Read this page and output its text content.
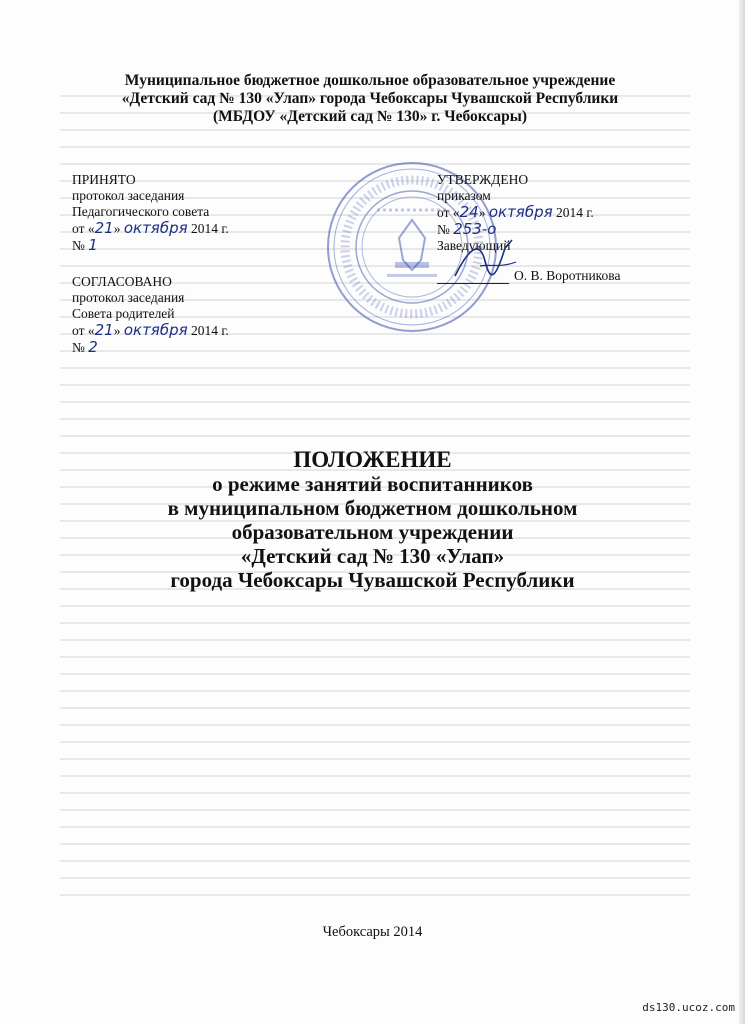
Муниципальное бюджетное дошкольное образовательное учреждение
«Детский сад № 130 «Улап» города Чебоксары Чувашской Республики
(МБДОУ «Детский сад № 130» г. Чебоксары)
ПРИНЯТО
протокол заседания
Педагогического совета
от «21» октября 2014 г.
№ 1
СОГЛАСОВАНО
протокол заседания
Совета родителей
от «21» октября 2014 г.
№ 2
УТВЕРЖДЕНО
приказом
от «24» октября 2014 г.
№ 253-о
Заведующий
О. В. Воротникова
ПОЛОЖЕНИЕ
о режиме занятий воспитанников
в муниципальном бюджетном дошкольном
образовательном учреждении
«Детский сад № 130 «Улап»
города Чебоксары Чувашской Республики
Чебоксары 2014
ds130.ucoz.com
